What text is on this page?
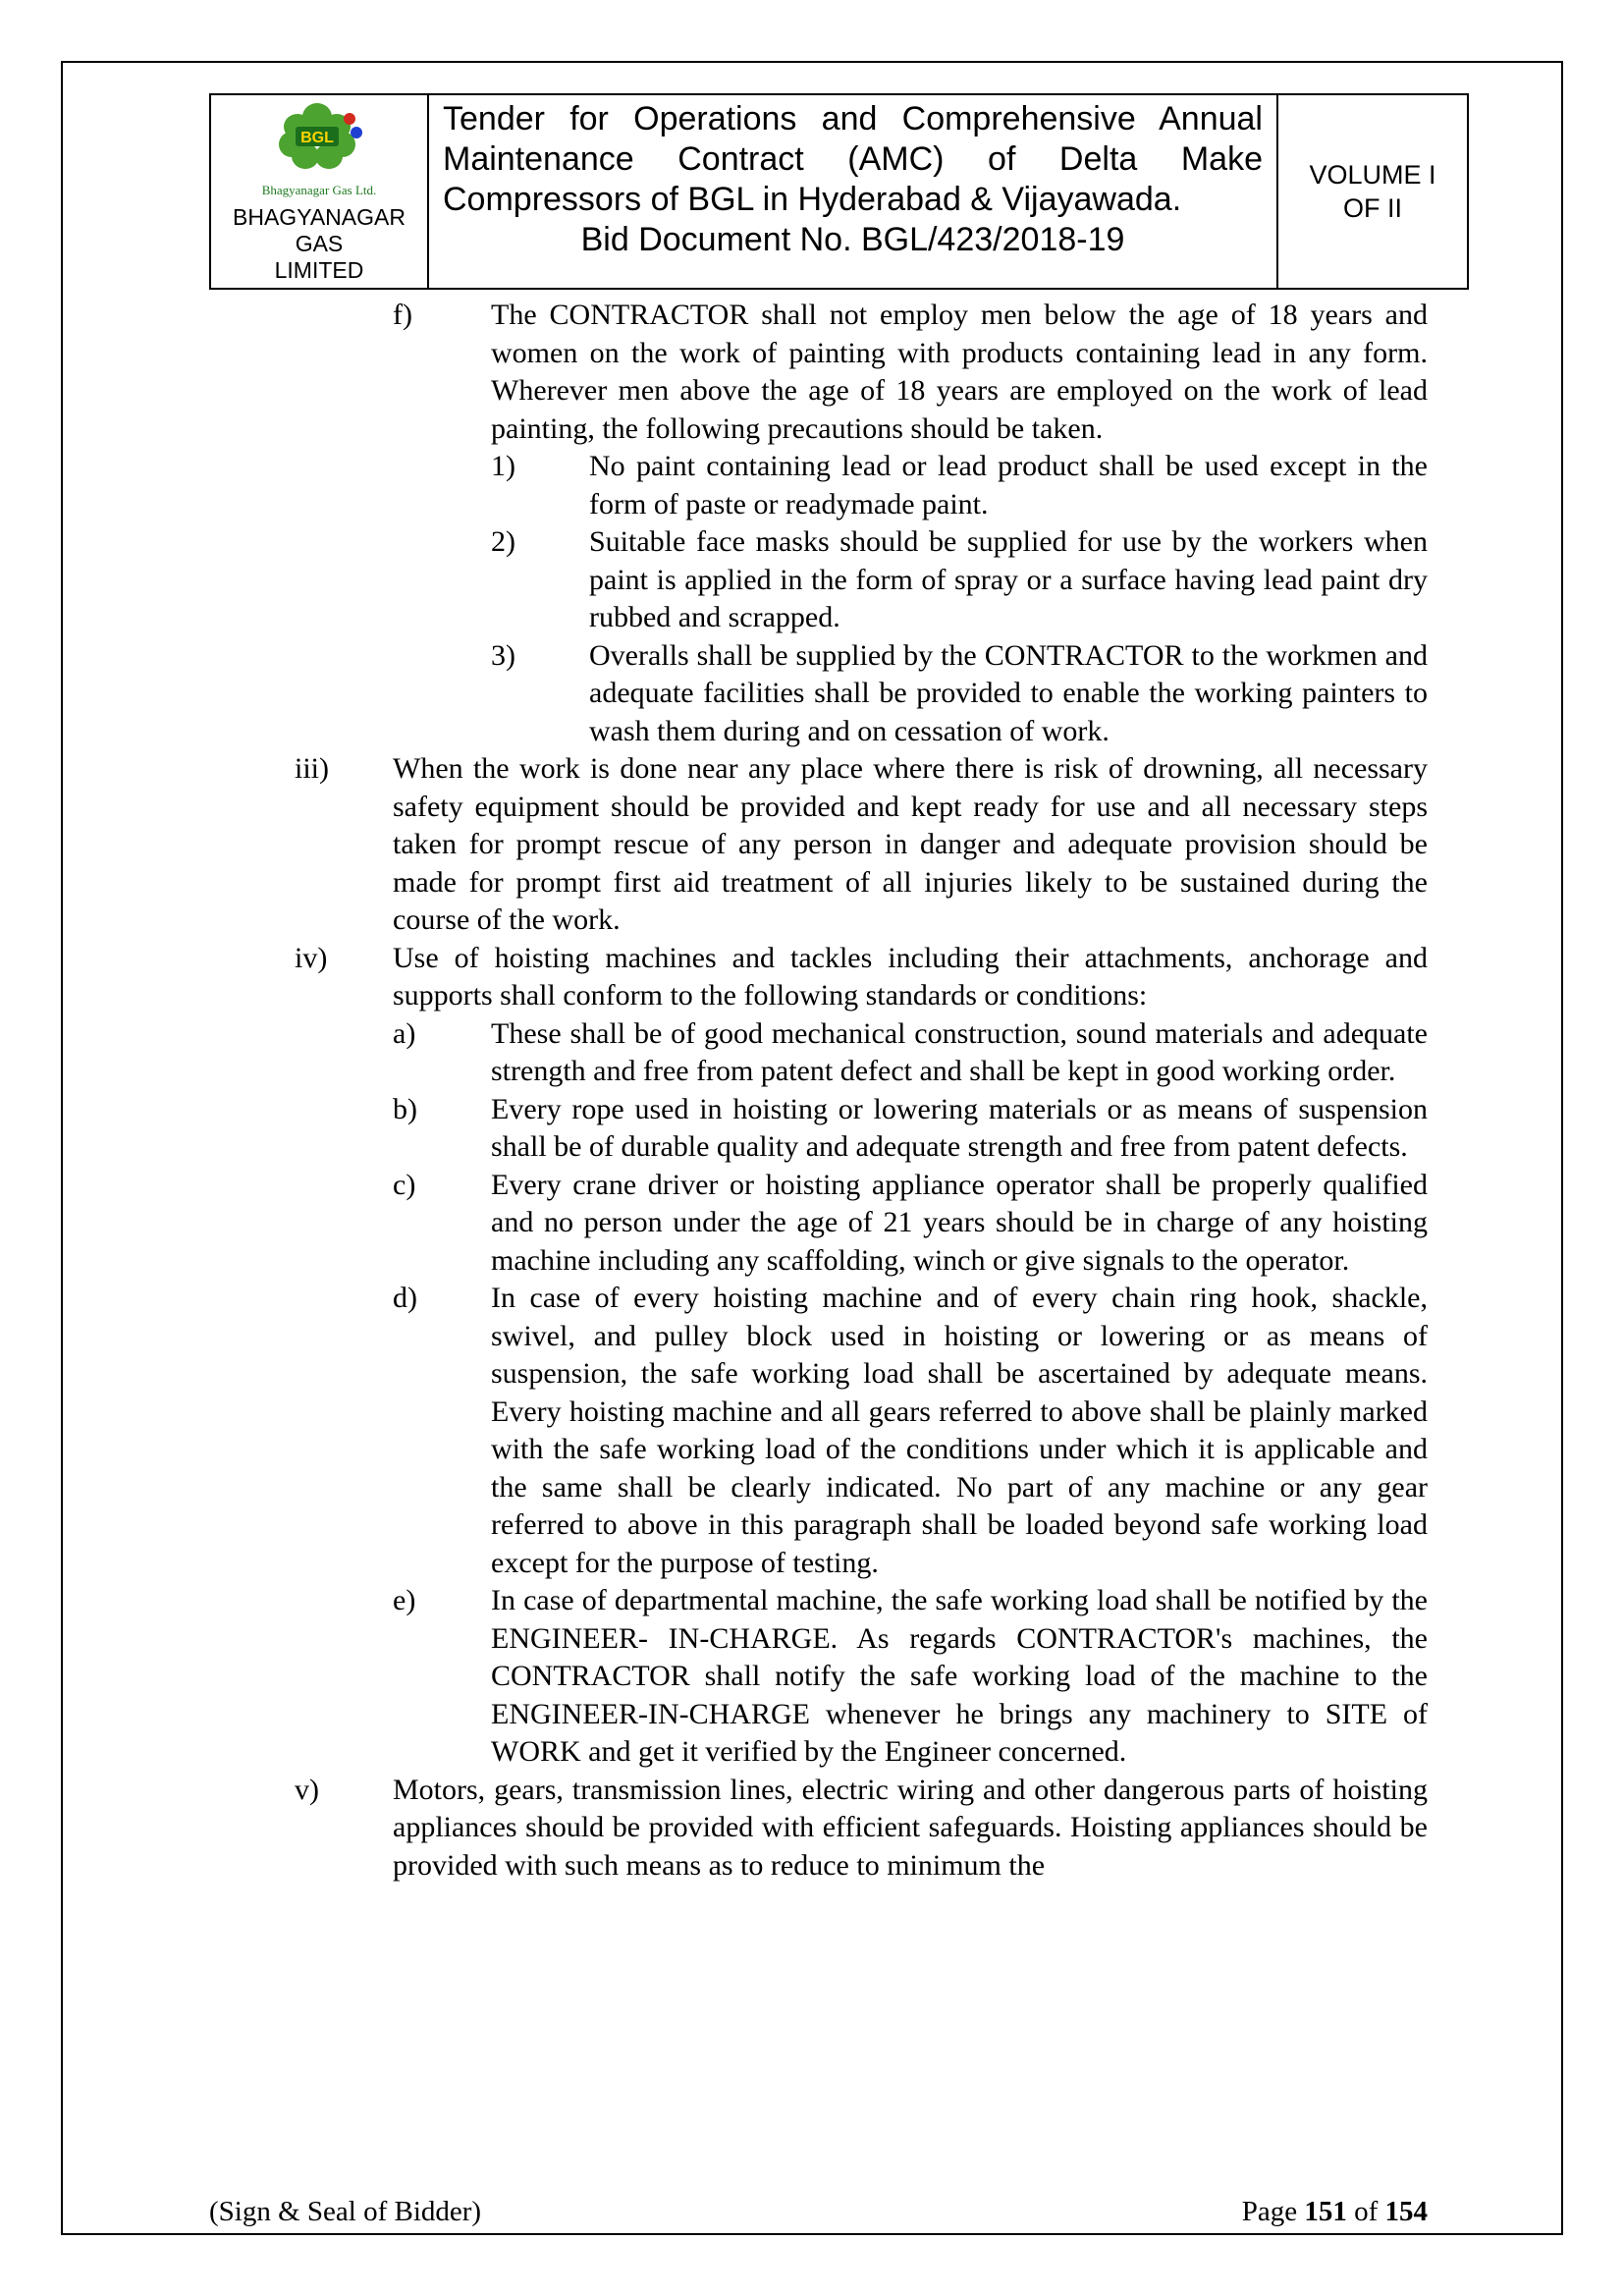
BGL
Bhagyanagar Gas Ltd.
BHAGYANAGAR GAS
LIMITED
Tender for Operations and Comprehensive Annual Maintenance Contract (AMC) of Delta Make Compressors of BGL in Hyderabad & Vijayawada.
Bid Document No. BGL/423/2018-19
VOLUME I
OF II
f)	The CONTRACTOR shall not employ men below the age of 18 years and women on the work of painting with products containing lead in any form. Wherever men above the age of 18 years are employed on the work of lead painting, the following precautions should be taken.
1)	No paint containing lead or lead product shall be used except in the form of paste or readymade paint.
2)	Suitable face masks should be supplied for use by the workers when paint is applied in the form of spray or a surface having lead paint dry rubbed and scrapped.
3)	Overalls shall be supplied by the CONTRACTOR to the workmen and adequate facilities shall be provided to enable the working painters to wash them during and on cessation of work.
iii)	When the work is done near any place where there is risk of drowning, all necessary safety equipment should be provided and kept ready for use and all necessary steps taken for prompt rescue of any person in danger and adequate provision should be made for prompt first aid treatment of all injuries likely to be sustained during the course of the work.
iv)	Use of hoisting machines and tackles including their attachments, anchorage and supports shall conform to the following standards or conditions:
a)	These shall be of good mechanical construction, sound materials and adequate strength and free from patent defect and shall be kept in good working order.
b)	Every rope used in hoisting or lowering materials or as means of suspension shall be of durable quality and adequate strength and free from patent defects.
c)	Every crane driver or hoisting appliance operator shall be properly qualified and no person under the age of 21 years should be in charge of any hoisting machine including any scaffolding, winch or give signals to the operator.
d)	In case of every hoisting machine and of every chain ring hook, shackle, swivel, and pulley block used in hoisting or lowering or as means of suspension, the safe working load shall be ascertained by adequate means. Every hoisting machine and all gears referred to above shall be plainly marked with the safe working load of the conditions under which it is applicable and the same shall be clearly indicated. No part of any machine or any gear referred to above in this paragraph shall be loaded beyond safe working load except for the purpose of testing.
e)	In case of departmental machine, the safe working load shall be notified by the ENGINEER- IN-CHARGE. As regards CONTRACTOR's machines, the CONTRACTOR shall notify the safe working load of the machine to the ENGINEER-IN-CHARGE whenever he brings any machinery to SITE of WORK and get it verified by the Engineer concerned.
v)	Motors, gears, transmission lines, electric wiring and other dangerous parts of hoisting appliances should be provided with efficient safeguards. Hoisting appliances should be provided with such means as to reduce to minimum the
(Sign & Seal of Bidder)	Page 151 of 154
